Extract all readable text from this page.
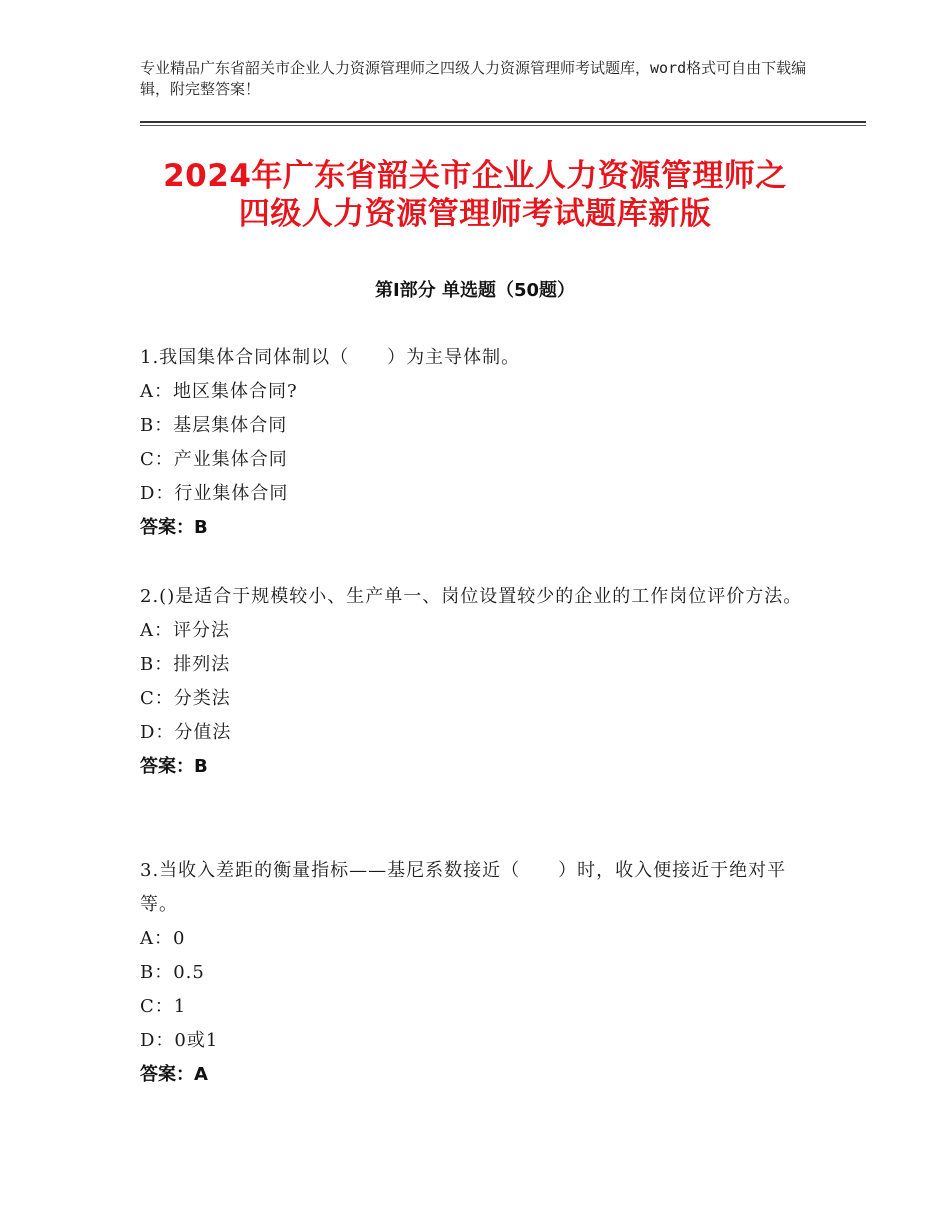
专业精品广东省韶关市企业人力资源管理师之四级人力资源管理师考试题库，word格式可自由下载编辑，附完整答案！
2024年广东省韶关市企业人力资源管理师之
四级人力资源管理师考试题库新版
第Ⅰ部分 单选题（50题）
1.我国集体合同体制以（　　）为主导体制。
A：地区集体合同?
B：基层集体合同
C：产业集体合同
D：行业集体合同
答案：B
2.()是适合于规模较小、生产单一、岗位设置较少的企业的工作岗位评价方法。
A：评分法
B：排列法
C：分类法
D：分值法
答案：B
3.当收入差距的衡量指标——基尼系数接近（　　）时，收入便接近于绝对平等。
A：0
B：0.5
C：1
D：0或1
答案：A
